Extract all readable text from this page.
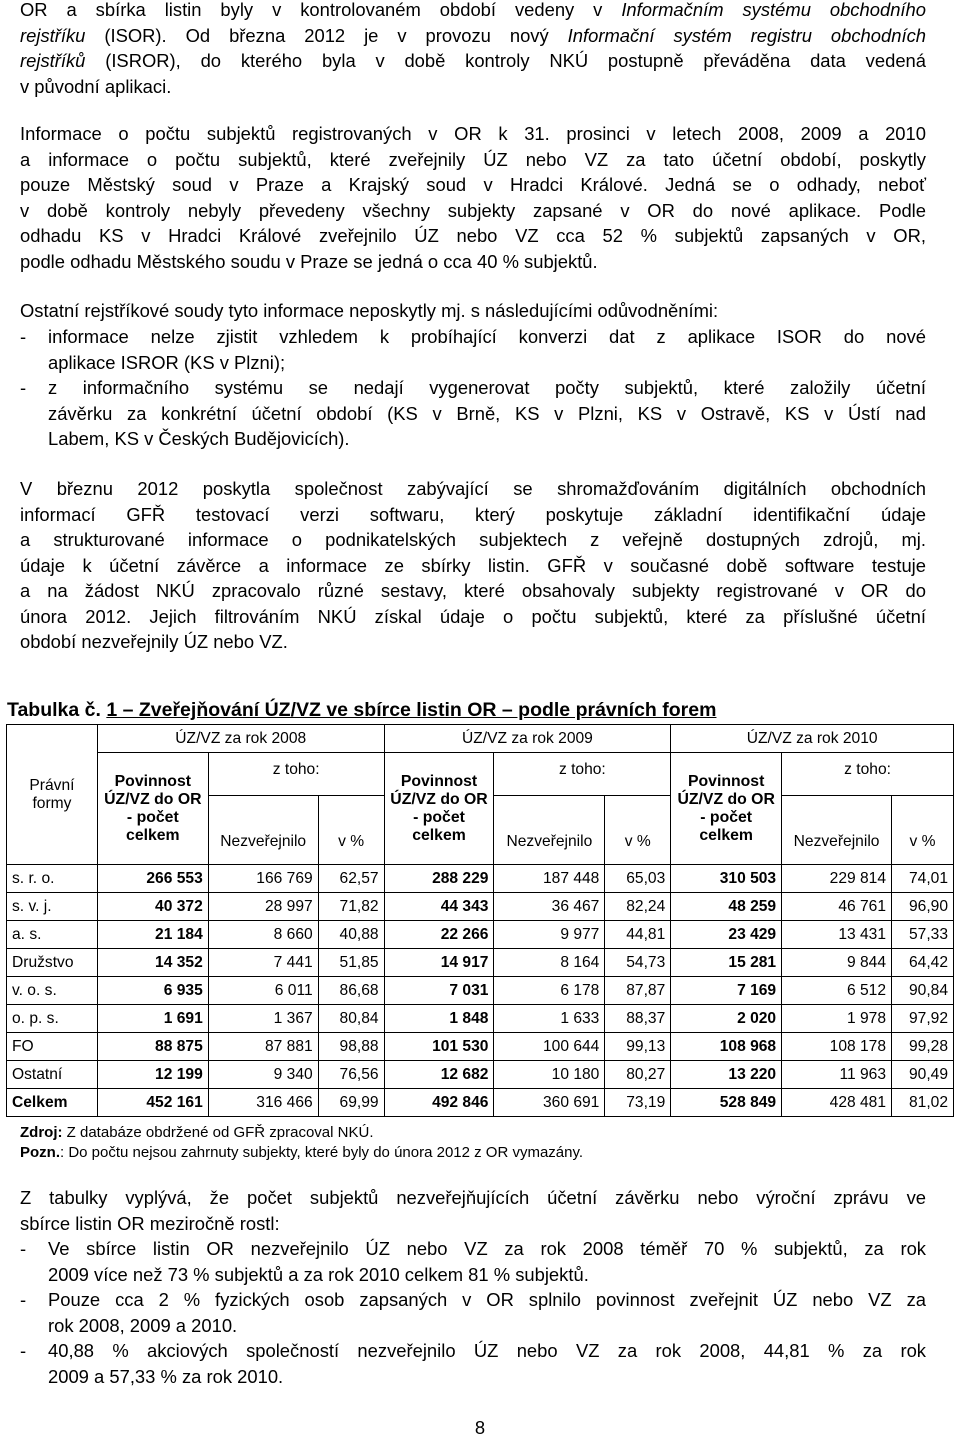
OR a sbírka listin byly v kontrolovaném období vedeny v Informačním systému obchodního
rejstříku (ISOR). Od března 2012 je v provozu nový Informační systém registru obchodních
rejstříků (ISROR), do kterého byla v době kontroly NKÚ postupně převáděna data vedená
v původní aplikaci.
Informace o počtu subjektů registrovaných v OR k 31. prosinci v letech 2008, 2009 a 2010
a informace o počtu subjektů, které zveřejnily ÚZ nebo VZ za tato účetní období, poskytly
pouze Městský soud v Praze a Krajský soud v Hradci Králové. Jedná se o odhady, neboť
v době kontroly nebyly převedeny všechny subjekty zapsané v OR do nové aplikace. Podle
odhadu KS v Hradci Králové zveřejnilo ÚZ nebo VZ cca 52 % subjektů zapsaných v OR,
podle odhadu Městského soudu v Praze se jedná o cca 40 % subjektů.
Ostatní rejstříkové soudy tyto informace neposkytly mj. s následujícími odůvodněními:
- informace nelze zjistit vzhledem k probíhající konverzi dat z aplikace ISOR do nové
aplikace ISROR (KS v Plzni);
- z informačního systému se nedají vygenerovat počty subjektů, které založily účetní
závěrku za konkrétní účetní období (KS v Brně, KS v Plzni, KS v Ostravě, KS v Ústí nad
Labem, KS v Českých Budějovicích).
V březnu 2012 poskytla společnost zabývající se shromažďováním digitálních obchodních
informací GFŘ testovací verzi softwaru, který poskytuje základní identifikační údaje
a strukturované informace o podnikatelských subjektech z veřejně dostupných zdrojů, mj.
údaje k účetní závěrce a informace ze sbírky listin. GFŘ v současné době software testuje
a na žádost NKÚ zpracovalo různé sestavy, které obsahovaly subjekty registrované v OR do
února 2012. Jejich filtrováním NKÚ získal údaje o počtu subjektů, které za příslušné účetní
období nezveřejnily ÚZ nebo VZ.
Tabulka č. 1 – Zveřejňování ÚZ/VZ ve sbírce listin OR – podle právních forem
Právní formy	ÚZ/VZ za rok 2008			ÚZ/VZ za rok 2009			ÚZ/VZ za rok 2010		
	Povinnost ÚZ/VZ do OR - počet celkem	z toho:		Povinnost ÚZ/VZ do OR - počet celkem	z toho:		Povinnost ÚZ/VZ do OR - počet celkem	z toho:	
		Nezveřejnilo	v %		Nezveřejnilo	v %		Nezveřejnilo	v %
s. r. o.	266 553	166 769	62,57	288 229	187 448	65,03	310 503	229 814	74,01
s. v. j.	40 372	28 997	71,82	44 343	36 467	82,24	48 259	46 761	96,90
a. s.	21 184	8 660	40,88	22 266	9 977	44,81	23 429	13 431	57,33
Družstvo	14 352	7 441	51,85	14 917	8 164	54,73	15 281	9 844	64,42
v. o. s.	6 935	6 011	86,68	7 031	6 178	87,87	7 169	6 512	90,84
o. p. s.	1 691	1 367	80,84	1 848	1 633	88,37	2 020	1 978	97,92
FO	88 875	87 881	98,88	101 530	100 644	99,13	108 968	108 178	99,28
Ostatní	12 199	9 340	76,56	12 682	10 180	80,27	13 220	11 963	90,49
Celkem	452 161	316 466	69,99	492 846	360 691	73,19	528 849	428 481	81,02
Zdroj: Z databáze obdržené od GFŘ zpracoval NKÚ.
Pozn.: Do počtu nejsou zahrnuty subjekty, které byly do února 2012 z OR vymazány.
Z tabulky vyplývá, že počet subjektů nezveřejňujících účetní závěrku nebo výroční zprávu ve
sbírce listin OR meziročně rostl:
- Ve sbírce listin OR nezveřejnilo ÚZ nebo VZ za rok 2008 téměř 70 % subjektů, za rok
2009 více než 73 % subjektů a za rok 2010 celkem 81 % subjektů.
- Pouze cca 2 % fyzických osob zapsaných v OR splnilo povinnost zveřejnit ÚZ nebo VZ za
rok 2008, 2009 a 2010.
- 40,88 % akciových společností nezveřejnilo ÚZ nebo VZ za rok 2008, 44,81 % za rok
2009 a 57,33 % za rok 2010.
8
